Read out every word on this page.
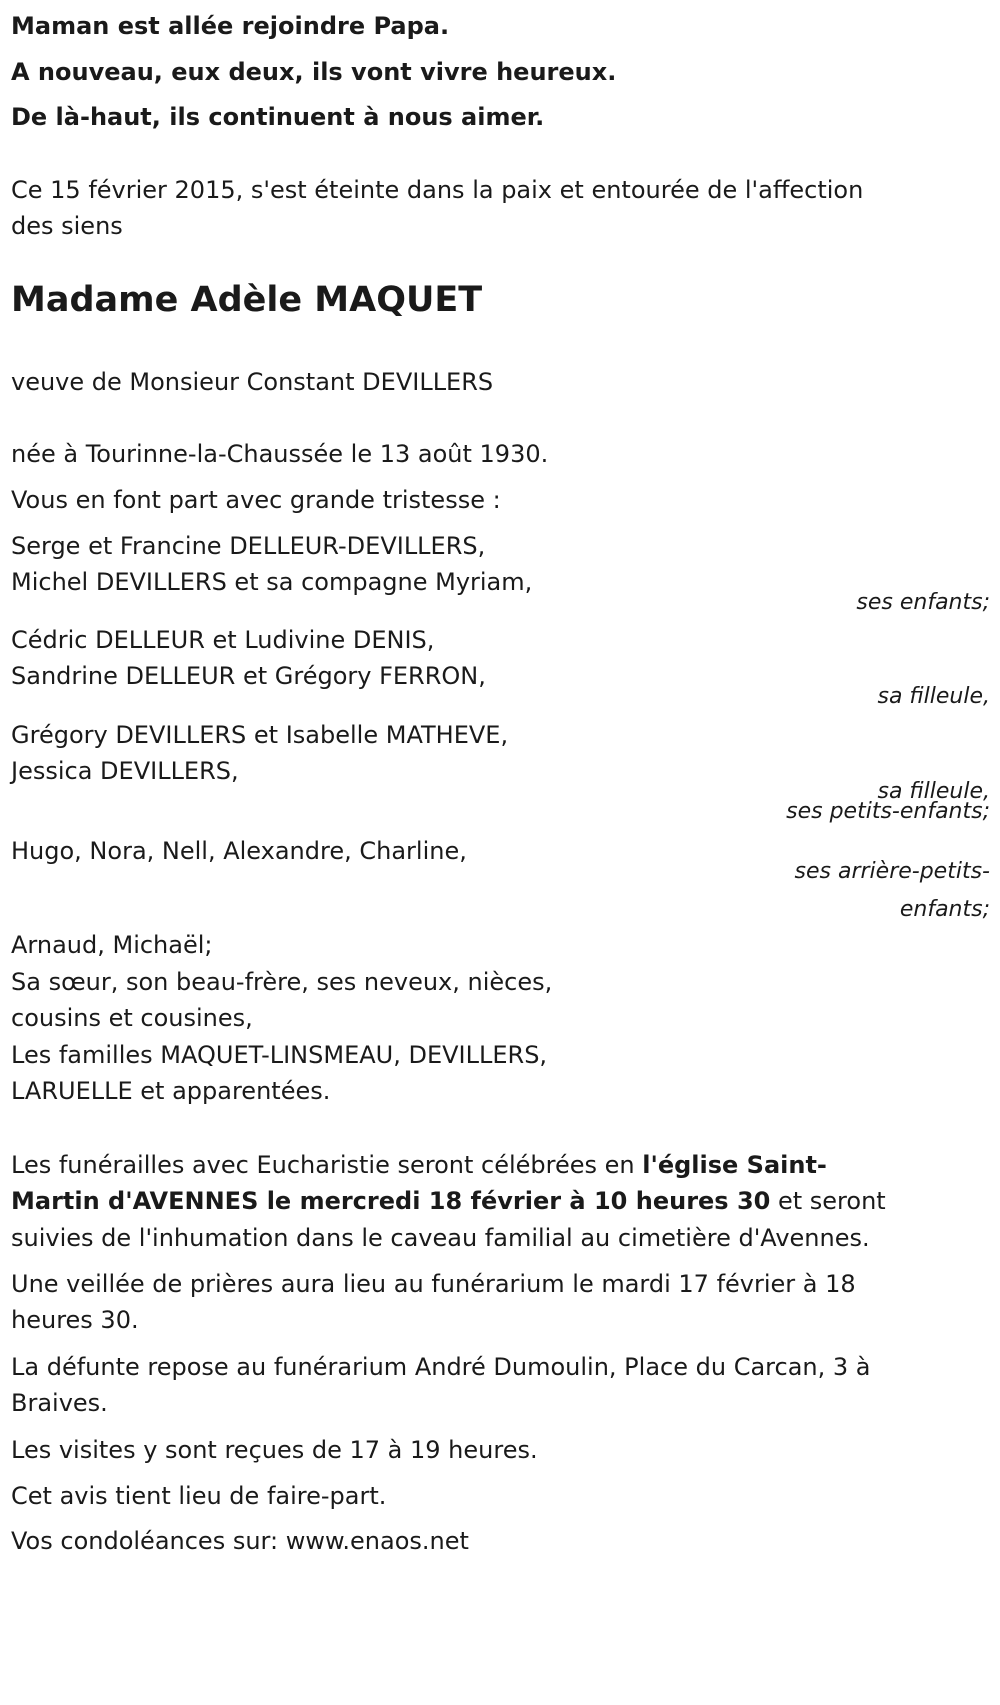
Maman est allée rejoindre Papa.
A nouveau, eux deux, ils vont vivre heureux.
De là-haut, ils continuent à nous aimer.
Ce 15 février 2015, s'est éteinte dans la paix et entourée de l'affection
des siens
Madame Adèle MAQUET
veuve de Monsieur Constant DEVILLERS
née à Tourinne-la-Chaussée le 13 août 1930.
Vous en font part avec grande tristesse :
Serge et Francine DELLEUR-DEVILLERS,
Michel DEVILLERS et sa compagne Myriam,
ses enfants;
Cédric DELLEUR et Ludivine DENIS,
Sandrine DELLEUR et Grégory FERRON,
sa filleule,
Grégory DEVILLERS et Isabelle MATHEVE,
Jessica DEVILLERS,
sa filleule,
ses petits-enfants;
Hugo, Nora, Nell, Alexandre, Charline,
ses arrière-petits-
enfants;
Arnaud, Michaël;
Sa sœur, son beau-frère, ses neveux, nièces,
cousins et cousines,
Les familles MAQUET-LINSMEAU, DEVILLERS,
LARUELLE et apparentées.
Les funérailles avec Eucharistie seront célébrées en l'église Saint-
Martin d'AVENNES le mercredi 18 février à 10 heures 30 et seront
suivies de l'inhumation dans le caveau familial au cimetière d'Avennes.
Une veillée de prières aura lieu au funérarium le mardi 17 février à 18
heures 30.
La défunte repose au funérarium André Dumoulin, Place du Carcan, 3 à
Braives.
Les visites y sont reçues de 17 à 19 heures.
Cet avis tient lieu de faire-part.
Vos condoléances sur: www.enaos.net
